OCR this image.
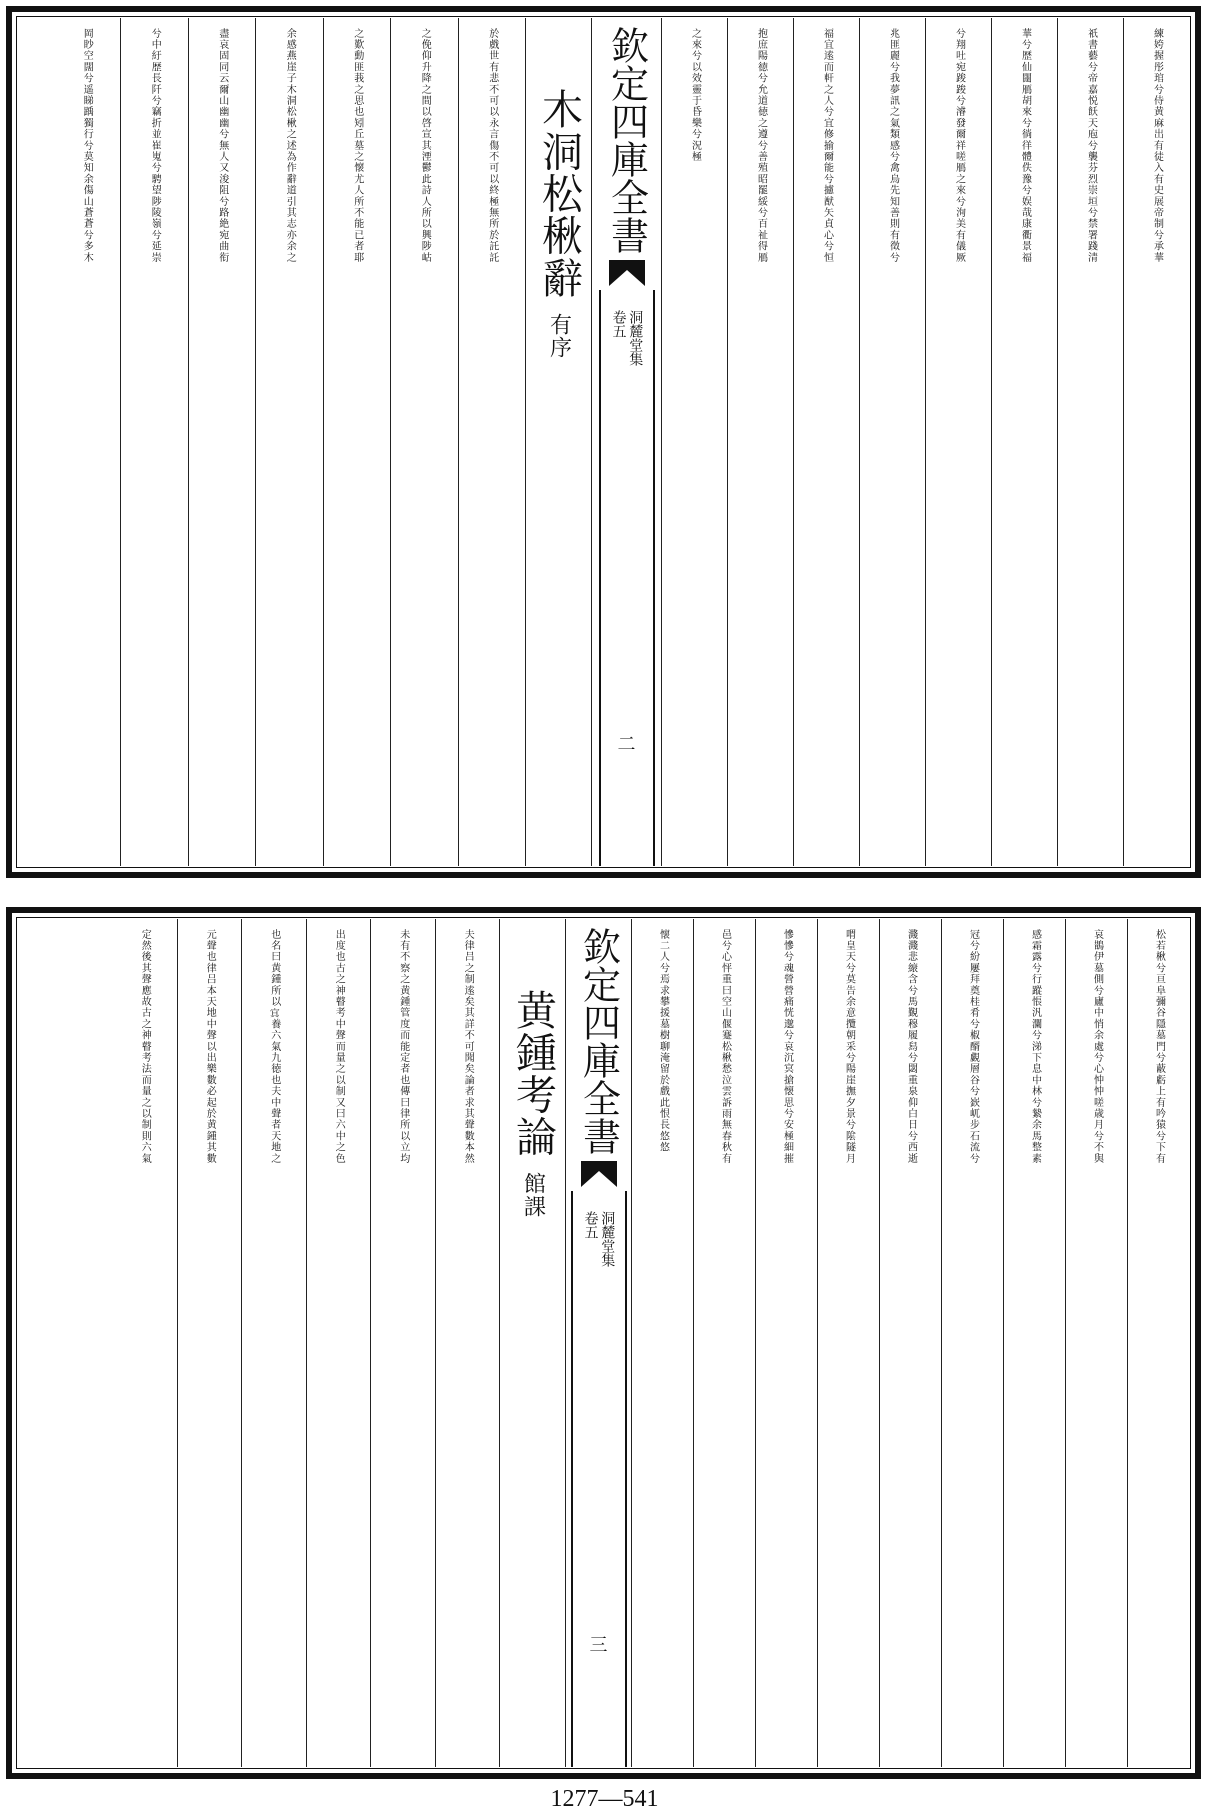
練姱握彤琯兮侍黄麻出有徒入有史展帝制兮承華
祇書藝兮帝嘉悦飫天庖兮襲芬烈崇垣兮禁署踐清
華兮歴仙闥鴈胡來兮徜徉體佚豫兮娱哉康衢景福
兮翔吐宛踆踆兮濬發爾祥嗟鴈之來兮洵美有儀厥
兆匪麗兮我夢訊之氣類感兮禽烏先知善則有徵兮
福宜逺而軒之人兮宜修揄爾能兮攄猷矢貞心兮恒
抱庶陽徳兮允道徳之遵兮善殖昭罷綏兮百祉得鴈
之來兮以效靈于昏樂兮況極
欽定四庫全書
卷五 洞麓堂集
二
木洞松楸辭
有序
於戲世有悲不可以永言傷不可以終極無所於託託
之俛仰升降之間以啓宣其湮鬱此詩人所以興陟岵
之歎動匪莪之思也矧丘墓之懐尤人所不能已者耶
余感燕崖子木洞松楸之述為作辭道引其志亦余之
盡哀固同云爾山幽幽兮無人又浚阻兮路絶宛曲衔
兮中紆歴長阡兮竊折並崔嵬兮騁望陟陵嶺兮延崇
岡眇空闊兮遥睇踽獨行兮莫知余傷山蒼蒼兮多木
松若楸兮亘阜彌谷隱墓門兮蔽虧上有吟猿兮下有
哀鵲伊墓側兮廬中悄余處兮心忡忡嗟歳月兮不與
感霜露兮行蹤悵汎瀾兮涕下息中林兮縶余馬整素
冠兮紛屢拜奠桂肴兮椒醑覷層谷兮嶔屼步石流兮
濺濺悲縗含兮馬覲穆履舄兮閟重泉仰白日兮西逝
喟皇天兮莫告余意攬朝采兮陽崖撫夕景兮隂隧月
慘慘兮魂營營痛恍邈兮哀沉㝠搶懐思兮安極細摧
邑兮心怦重曰空山偃蹇松楸愁泣雲訴雨無春秋有
懐二人兮焉求攀援墓樹聊淹留於戲此恨長悠悠
欽定四庫全書
卷五 洞麓堂集
三
黄鍾考論
館課
夫律吕之制逺矣其詳不可聞矣論者求其聲數本然
未有不察之黄鍾管度而能定者也傳曰律所以立均
出度也古之神瞽考中聲而量之以制又曰六中之色
也名曰黄鍾所以𡨋養六氣九徳也夫中聲者天地之
元聲也律吕本天地中聲以出樂數必起於黄鍾其數
定然後其聲應故古之神瞽考法而量之以制則六氣
1277—541
